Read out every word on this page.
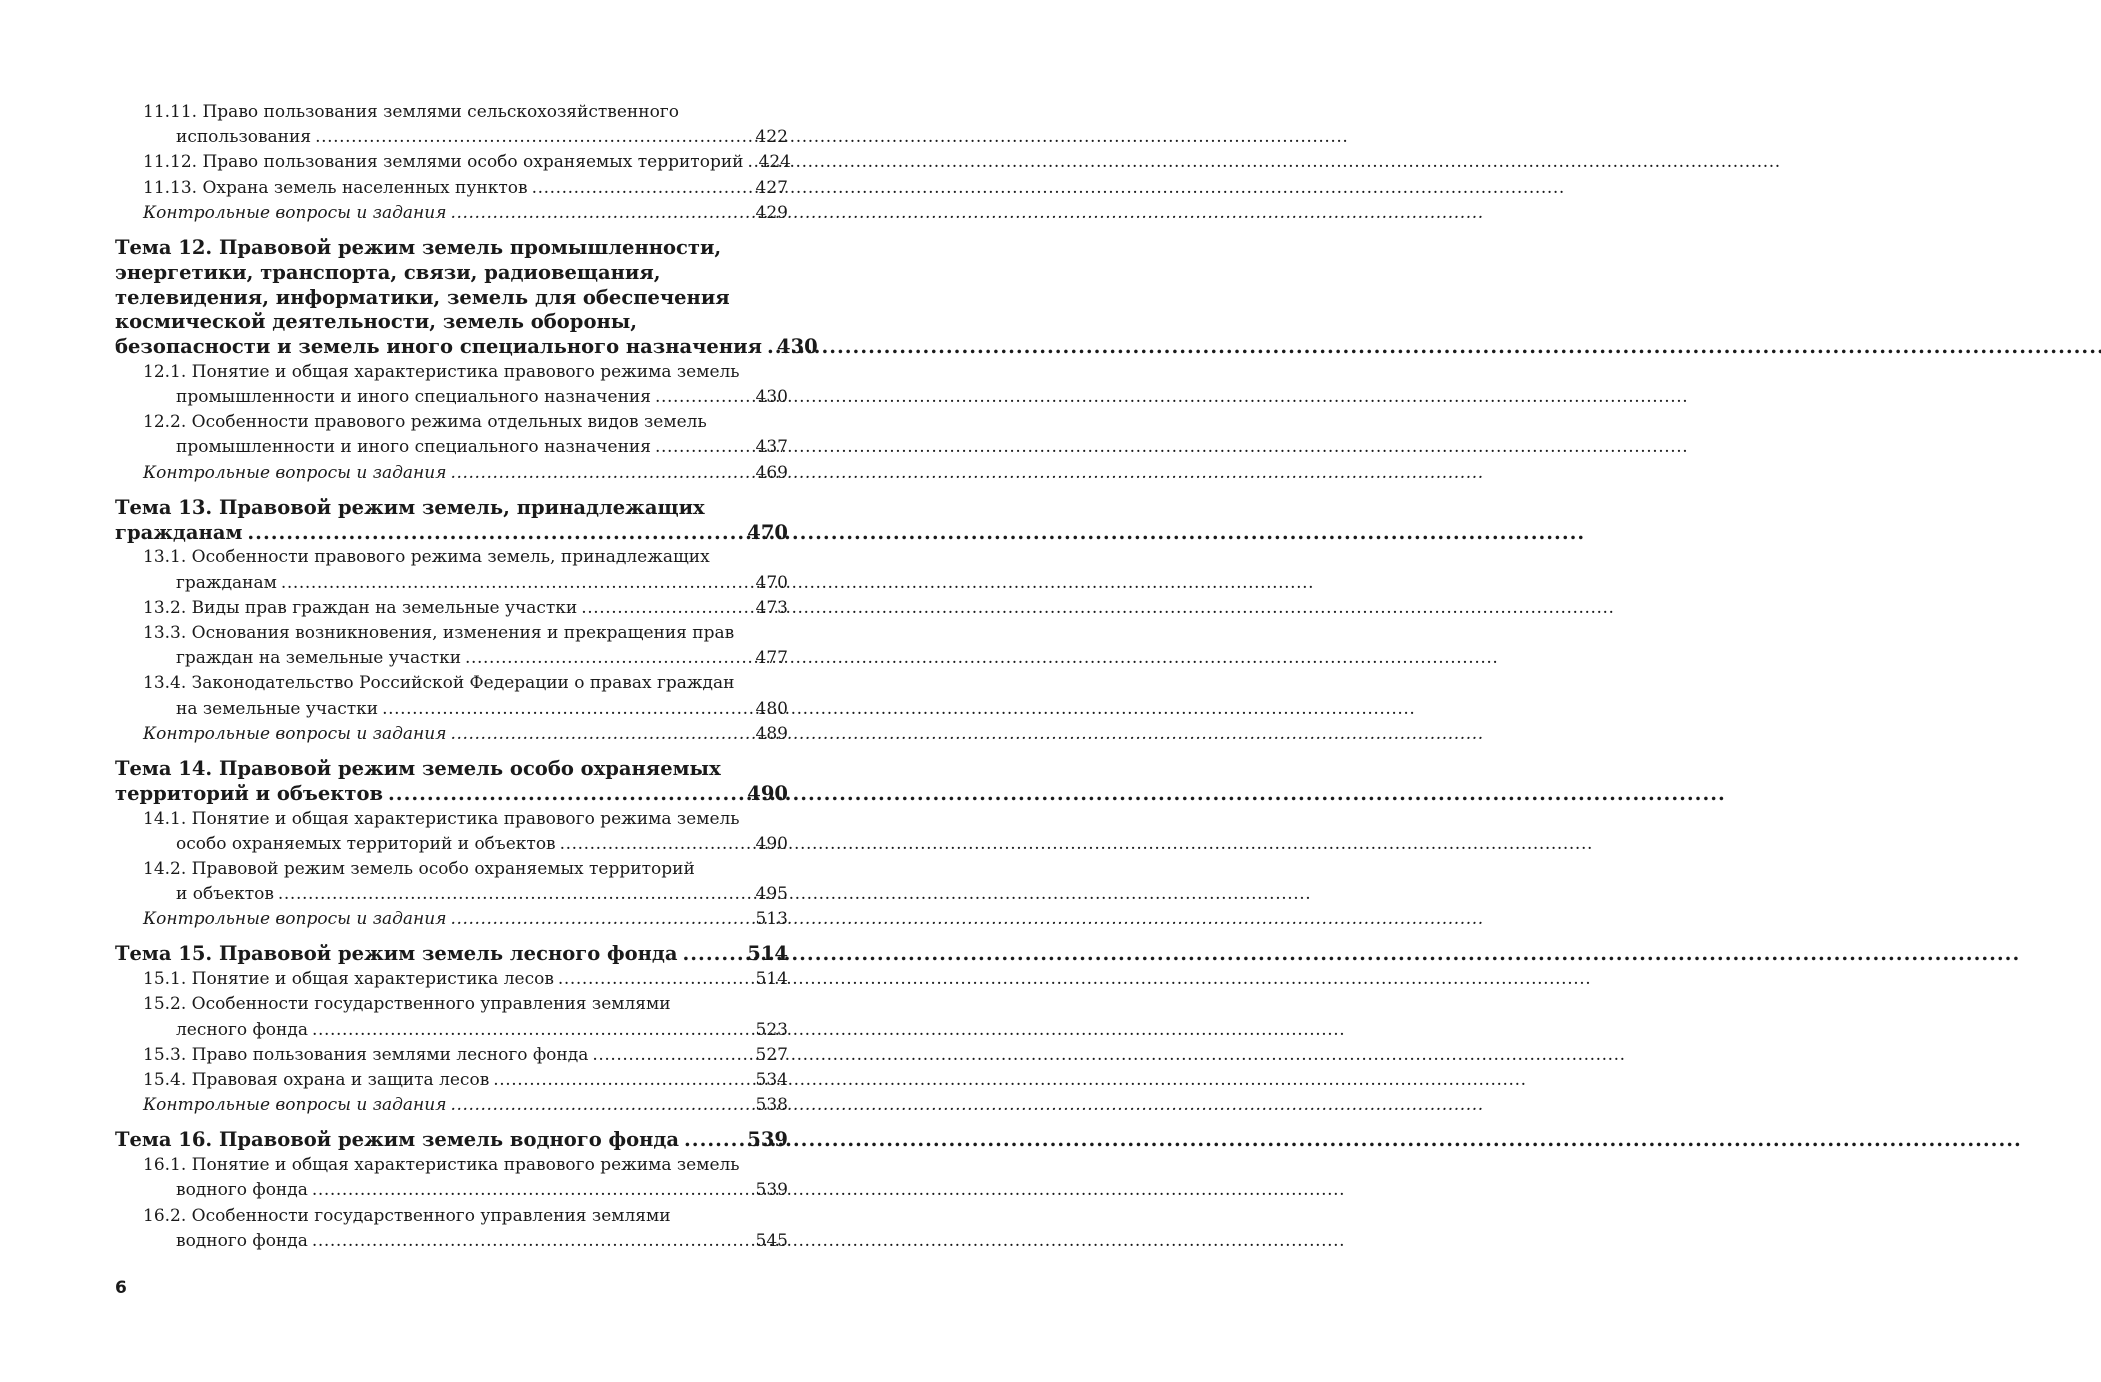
11.11. Право пользования землями сельскохозяйственного
использования . . .	422
11.12. Право пользования землями особо охраняемых территорий . . . 424
11.13. Охрана земель населенных пунктов . . .	427
Контрольные вопросы и задания . . .	429
Тема 12. Правовой режим земель промышленности,
энергетики, транспорта, связи, радиовещания,
телевидения, информатики, земель для обеспечения
космической деятельности, земель обороны,
безопасности и земель иного специального назначения . . . 430
12.1. Понятие и общая характеристика правового режима земель
промышленности и иного специального назначения . . .	430
12.2. Особенности правового режима отдельных видов земель
промышленности и иного специального назначения . . .	437
Контрольные вопросы и задания . . .	469
Тема 13. Правовой режим земель, принадлежащих
гражданам . . .	470
13.1. Особенности правового режима земель, принадлежащих
гражданам . . .	470
13.2. Виды прав граждан на земельные участки . . .	473
13.3. Основания возникновения, изменения и прекращения прав
граждан на земельные участки . . .	477
13.4. Законодательство Российской Федерации о правах граждан
на земельные участки . . .	480
Контрольные вопросы и задания . . .	489
Тема 14. Правовой режим земель особо охраняемых
территорий и объектов . . .	490
14.1. Понятие и общая характеристика правового режима земель
особо охраняемых территорий и объектов . . .	490
14.2. Правовой режим земель особо охраняемых территорий
и объектов . . .	495
Контрольные вопросы и задания . . .	513
Тема 15. Правовой режим земель лесного фонда . . .	514
15.1. Понятие и общая характеристика лесов . . .	514
15.2. Особенности государственного управления землями
лесного фонда . . .	523
15.3. Право пользования землями лесного фонда . . .	527
15.4. Правовая охрана и защита лесов . . .	534
Контрольные вопросы и задания . . .	538
Тема 16. Правовой режим земель водного фонда . . .	539
16.1. Понятие и общая характеристика правового режима земель
водного фонда . . .	539
16.2. Особенности государственного управления землями
водного фонда . . .	545
6
